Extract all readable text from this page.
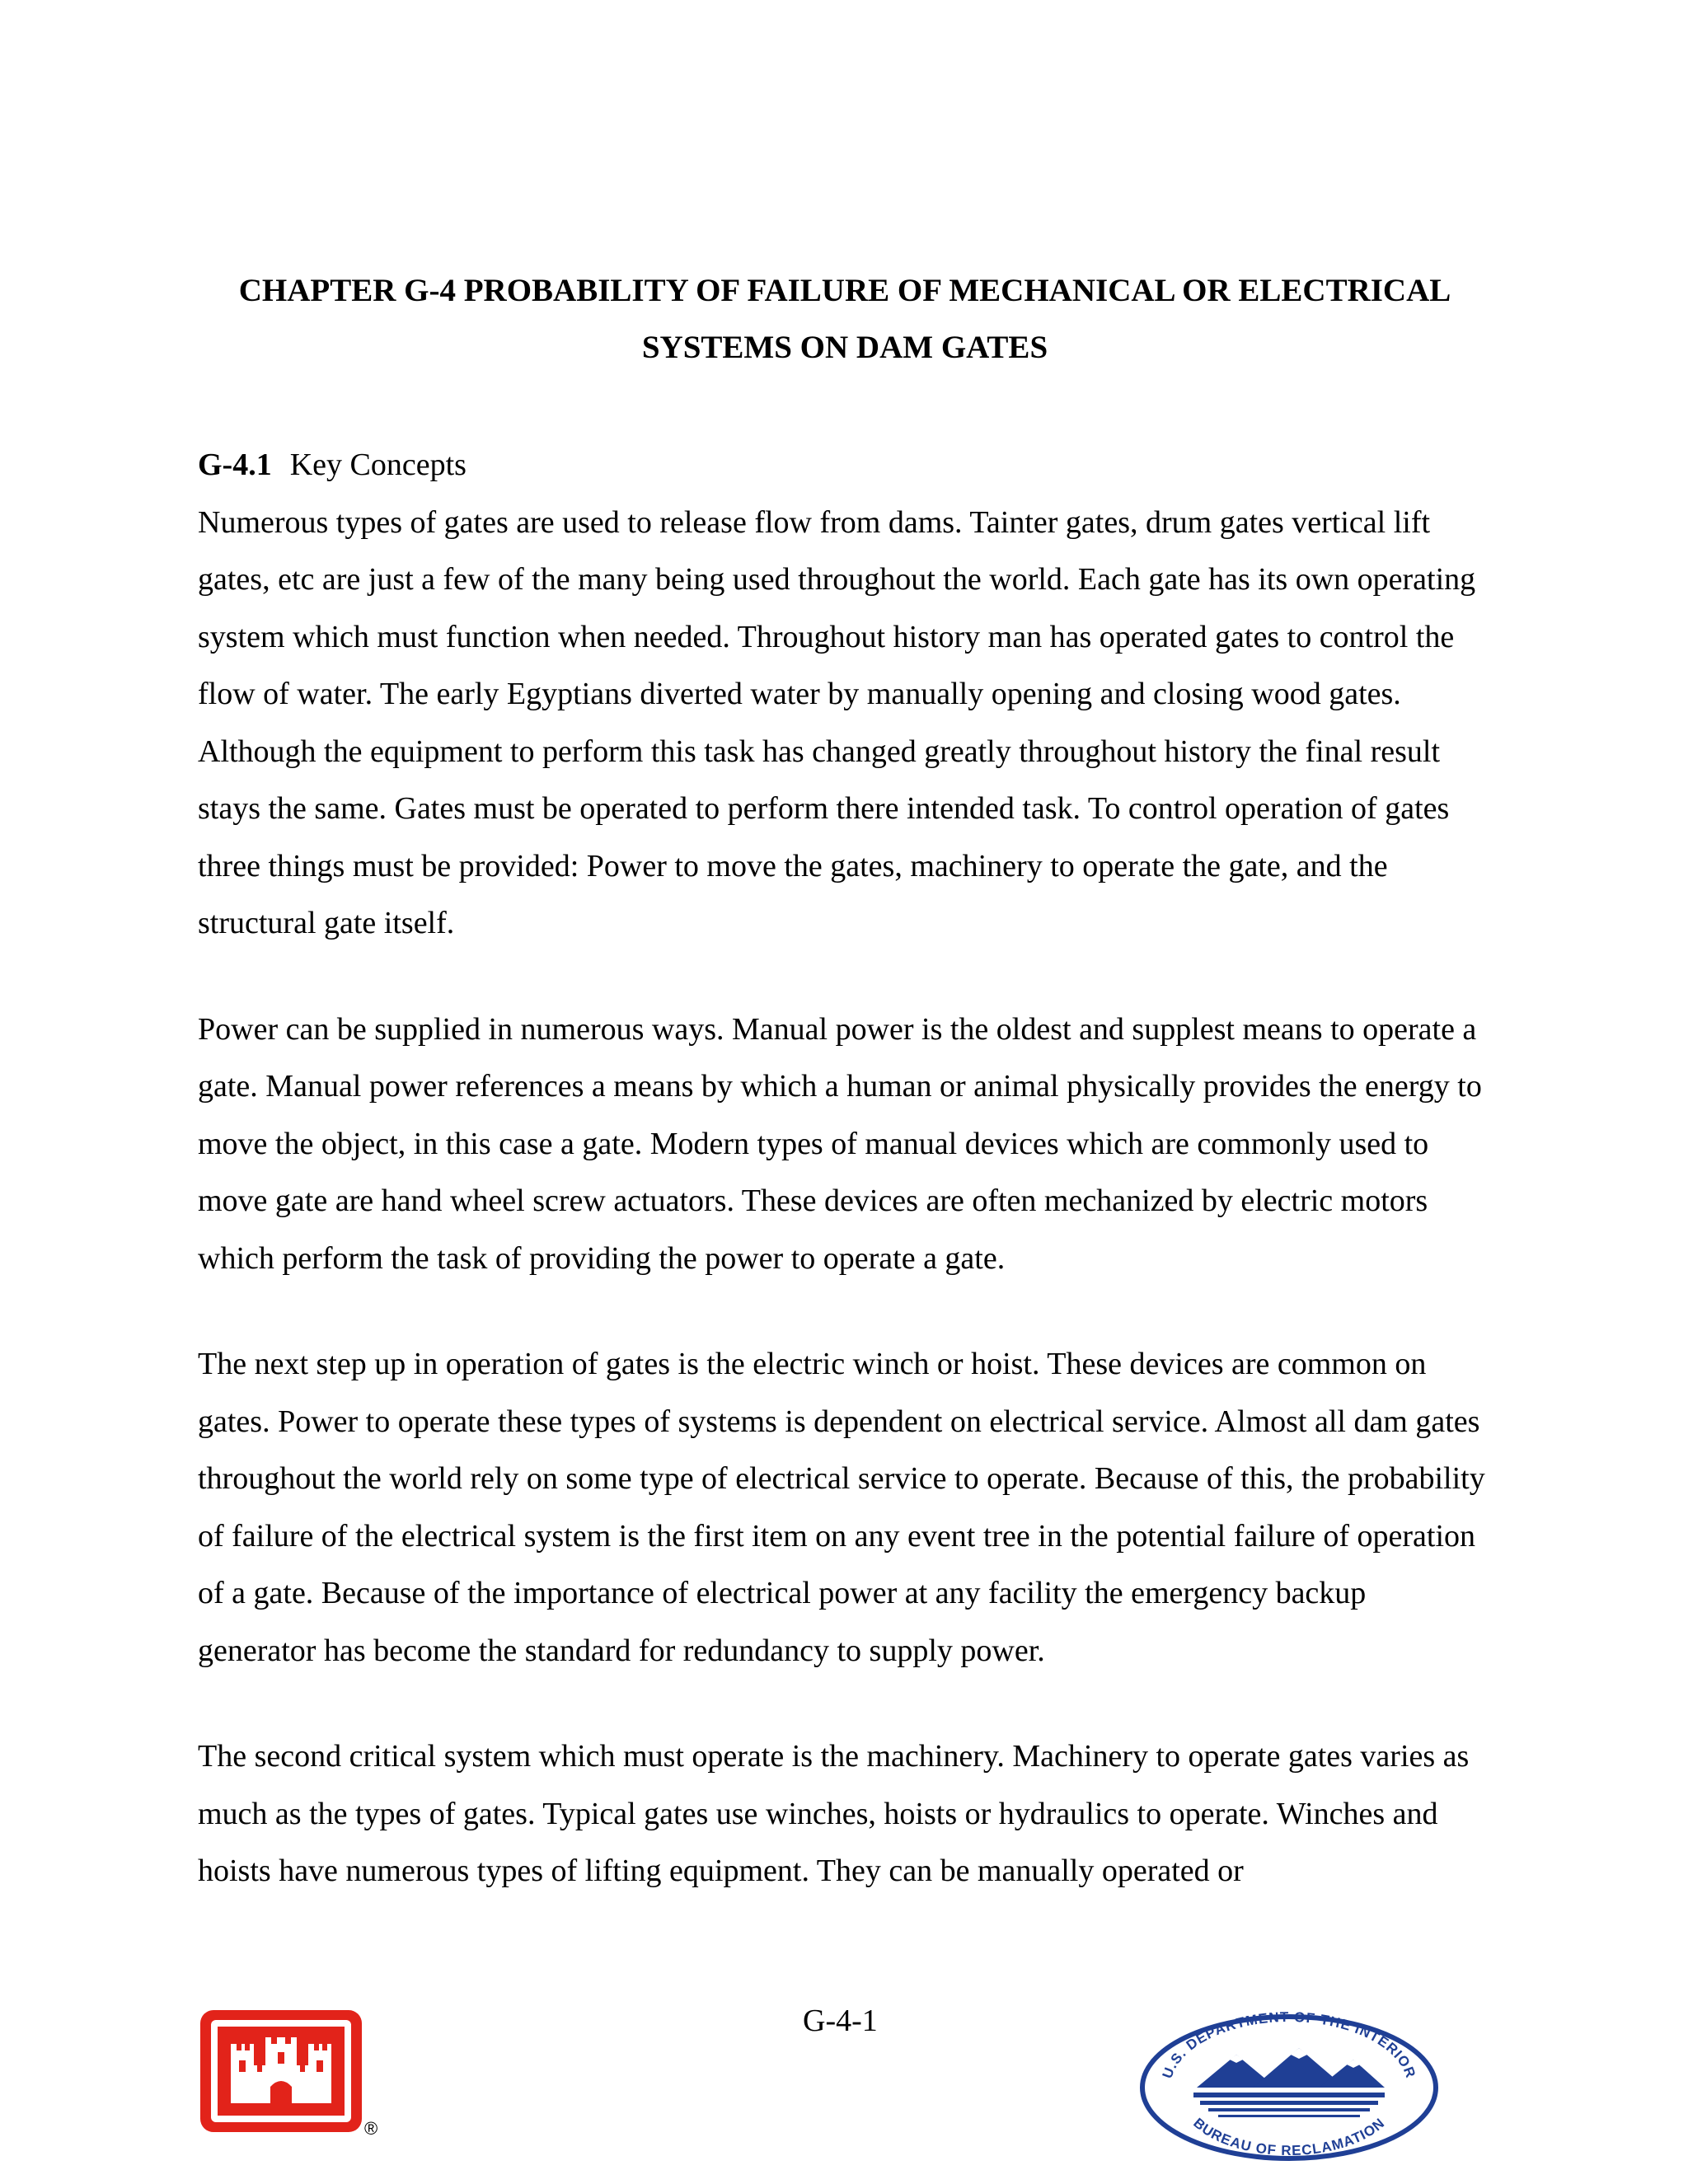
CHAPTER G-4 PROBABILITY OF FAILURE OF MECHANICAL OR ELECTRICAL
SYSTEMS ON DAM GATES

G-4.1 Key Concepts

Numerous types of gates are used to release flow from dams. Tainter gates, drum gates vertical lift gates, etc are just a few of the many being used throughout the world. Each gate has its own operating system which must function when needed. Throughout history man has operated gates to control the flow of water. The early Egyptians diverted water by manually opening and closing wood gates. Although the equipment to perform this task has changed greatly throughout history the final result stays the same. Gates must be operated to perform there intended task. To control operation of gates three things must be provided: Power to move the gates, machinery to operate the gate, and the structural gate itself.

Power can be supplied in numerous ways. Manual power is the oldest and supplest means to operate a gate. Manual power references a means by which a human or animal physically provides the energy to move the object, in this case a gate. Modern types of manual devices which are commonly used to move gate are hand wheel screw actuators. These devices are often mechanized by electric motors which perform the task of providing the power to operate a gate.

The next step up in operation of gates is the electric winch or hoist. These devices are common on gates. Power to operate these types of systems is dependent on electrical service. Almost all dam gates throughout the world rely on some type of electrical service to operate. Because of this, the probability of failure of the electrical system is the first item on any event tree in the potential failure of operation of a gate. Because of the importance of electrical power at any facility the emergency backup generator has become the standard for redundancy to supply power.

The second critical system which must operate is the machinery. Machinery to operate gates varies as much as the types of gates. Typical gates use winches, hoists or hydraulics to operate. Winches and hoists have numerous types of lifting equipment. They can be manually operated or

G-4-1
®
U.S. DEPARTMENT OF THE INTERIOR
BUREAU OF RECLAMATION
